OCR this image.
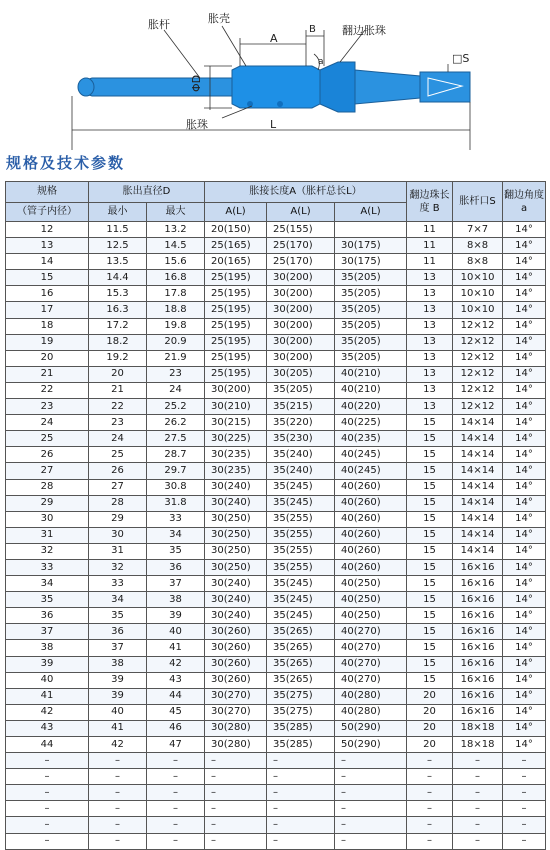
胀杆	胀壳
翻边胀珠
胀珠
A
B
ΦD
□S
L
a
规格及技术参数
规格	胀出直径D		胀接长度A（胀杆总长L）			翻边珠长度 B	胀杆口S	翻边角度a
（管子内径）	最小	最大	A(L)	A(L)	A(L)			
12	11.5	13.2	20(150)	25(155)		11	7×7	14°
13	12.5	14.5	25(165)	25(170)	30(175)	11	8×8	14°
14	13.5	15.6	20(165)	25(170)	30(175)	11	8×8	14°
15	14.4	16.8	25(195)	30(200)	35(205)	13	10×10	14°
16	15.3	17.8	25(195)	30(200)	35(205)	13	10×10	14°
17	16.3	18.8	25(195)	30(200)	35(205)	13	10×10	14°
18	17.2	19.8	25(195)	30(200)	35(205)	13	12×12	14°
19	18.2	20.9	25(195)	30(200)	35(205)	13	12×12	14°
20	19.2	21.9	25(195)	30(200)	35(205)	13	12×12	14°
21	20	23	25(195)	30(205)	40(210)	13	12×12	14°
22	21	24	30(200)	35(205)	40(210)	13	12×12	14°
23	22	25.2	30(210)	35(215)	40(220)	13	12×12	14°
24	23	26.2	30(215)	35(220)	40(225)	15	14×14	14°
25	24	27.5	30(225)	35(230)	40(235)	15	14×14	14°
26	25	28.7	30(235)	35(240)	40(245)	15	14×14	14°
27	26	29.7	30(235)	35(240)	40(245)	15	14×14	14°
28	27	30.8	30(240)	35(245)	40(260)	15	14×14	14°
29	28	31.8	30(240)	35(245)	40(260)	15	14×14	14°
30	29	33	30(250)	35(255)	40(260)	15	14×14	14°
31	30	34	30(250)	35(255)	40(260)	15	14×14	14°
32	31	35	30(250)	35(255)	40(260)	15	14×14	14°
33	32	36	30(250)	35(255)	40(260)	15	16×16	14°
34	33	37	30(240)	35(245)	40(250)	15	16×16	14°
35	34	38	30(240)	35(245)	40(250)	15	16×16	14°
36	35	39	30(240)	35(245)	40(250)	15	16×16	14°
37	36	40	30(260)	35(265)	40(270)	15	16×16	14°
38	37	41	30(260)	35(265)	40(270)	15	16×16	14°
39	38	42	30(260)	35(265)	40(270)	15	16×16	14°
40	39	43	30(260)	35(265)	40(270)	15	16×16	14°
41	39	44	30(270)	35(275)	40(280)	20	16×16	14°
42	40	45	30(270)	35(275)	40(280)	20	16×16	14°
43	41	46	30(280)	35(285)	50(290)	20	18×18	14°
44	42	47	30(280)	35(285)	50(290)	20	18×18	14°
–	–	–	–	–	–	–	–	–
–	–	–	–	–	–	–	–	–
–	–	–	–	–	–	–	–	–
–	–	–	–	–	–	–	–	–
–	–	–	–	–	–	–	–	–
–	–	–	–	–	–	–	–	–
